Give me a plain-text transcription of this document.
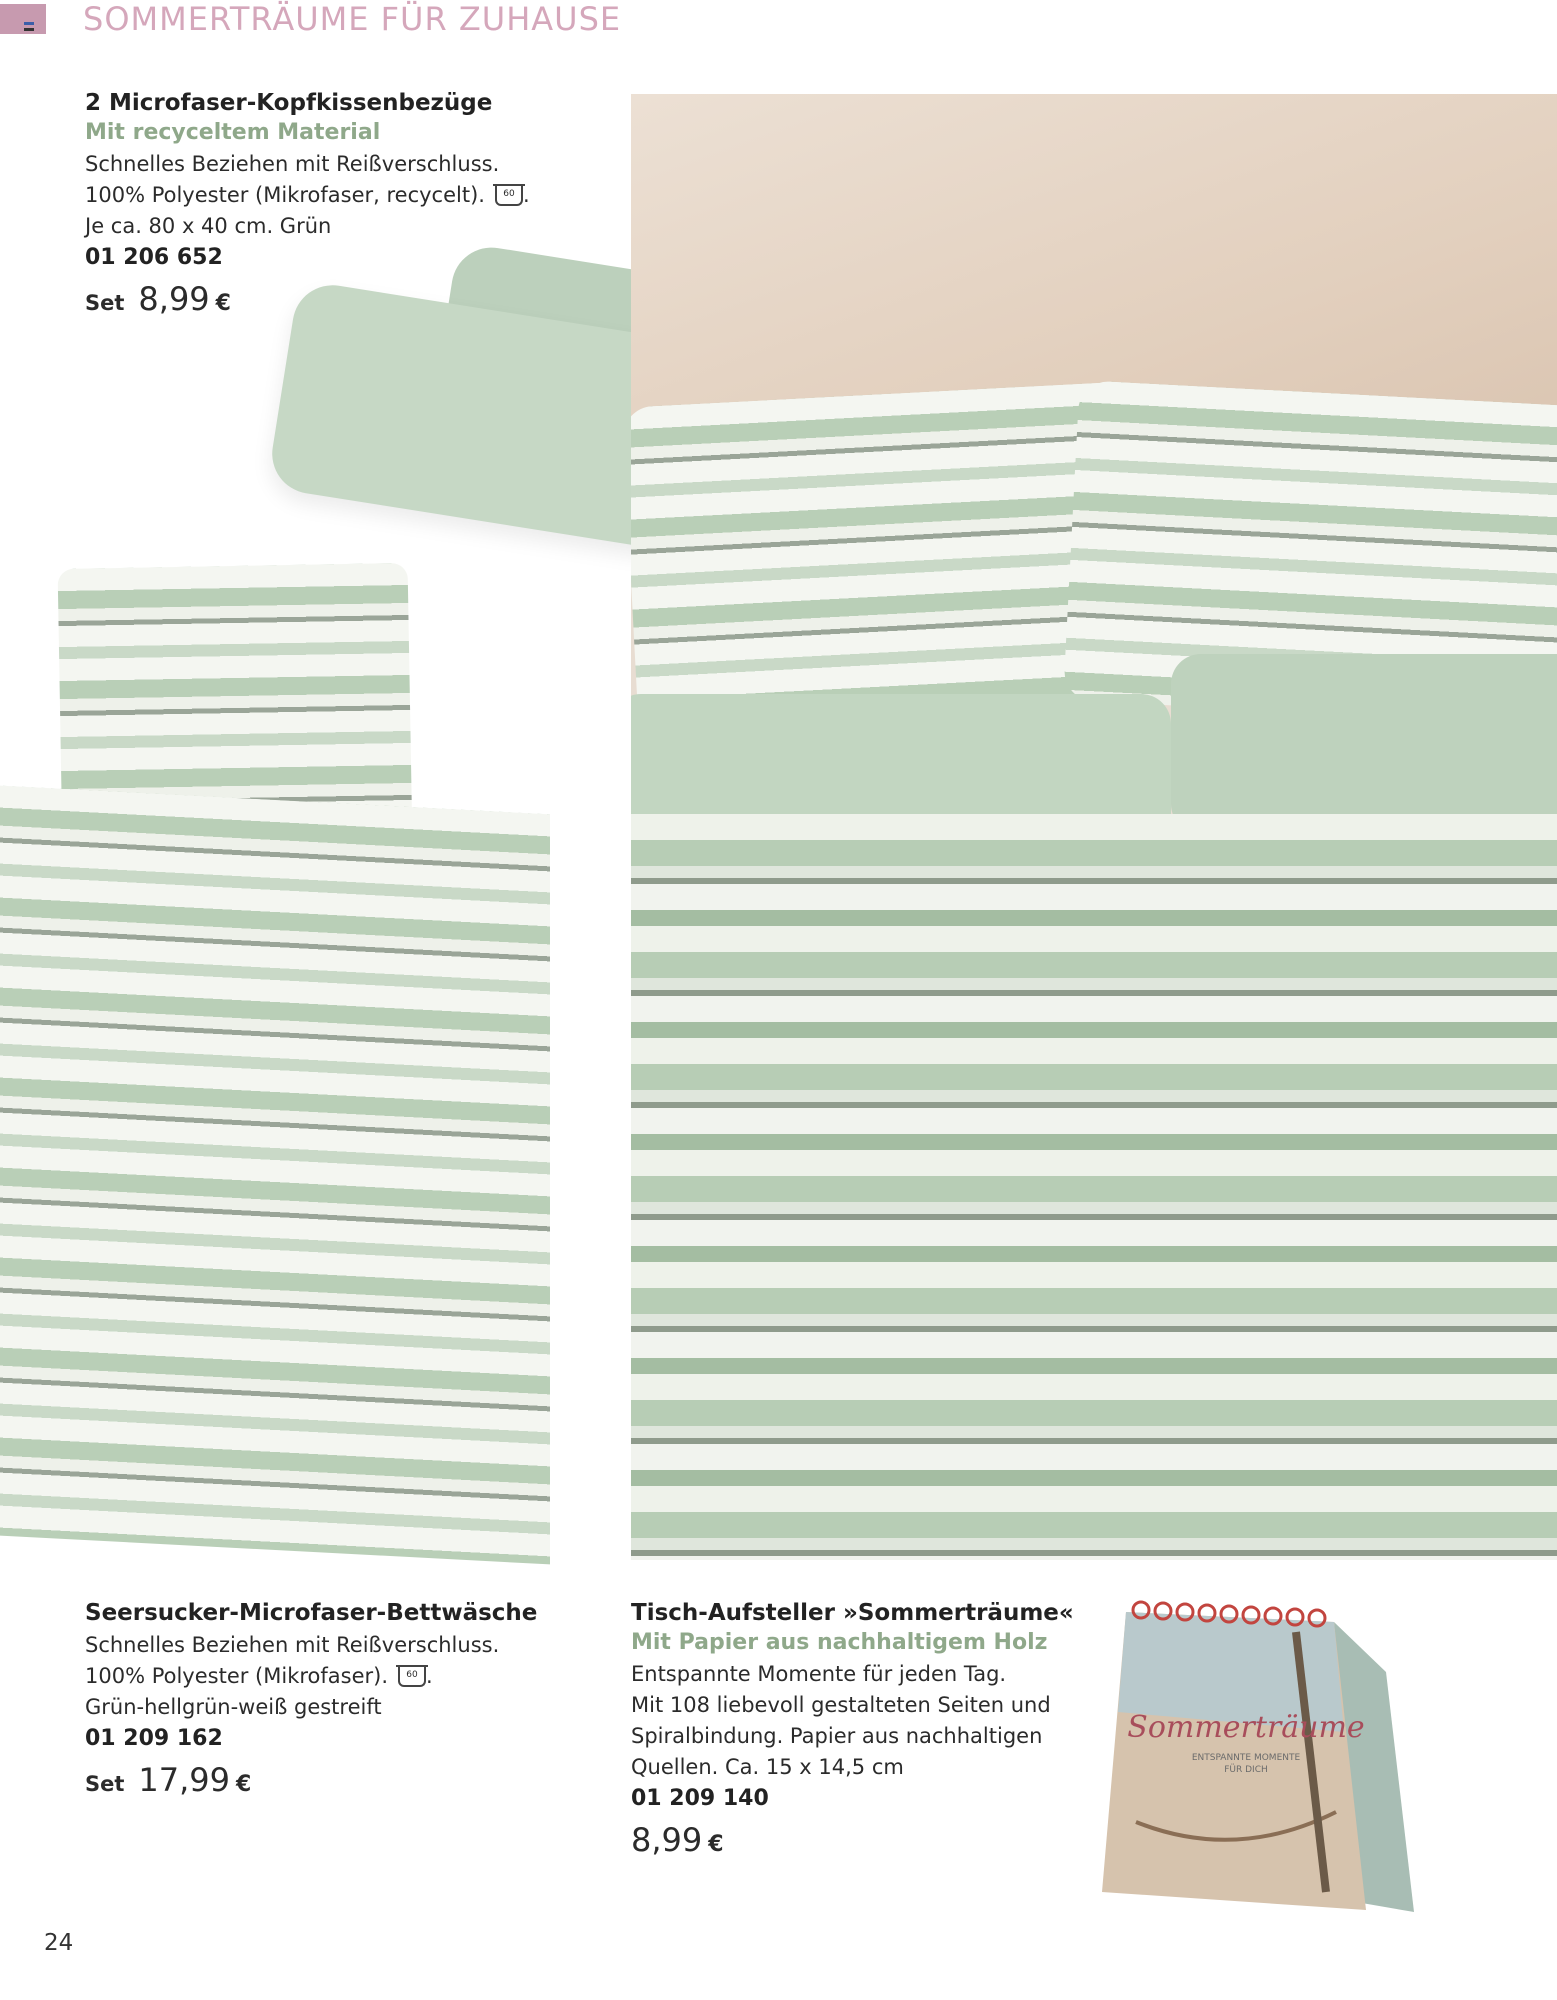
SOMMERTRÄUME FÜR ZUHAUSE
2 Microfaser-Kopfkissenbezüge
Mit recyceltem Material
Schnelles Beziehen mit Reißverschluss.
100% Polyester (Mikrofaser, recycelt). 60 .
Je ca. 80 x 40 cm. Grün
01 206 652
Set 8,99 €
Seersucker-Microfaser-Bettwäsche
Schnelles Beziehen mit Reißverschluss.
100% Polyester (Mikrofaser). 60 .
Grün-hellgrün-weiß gestreift
01 209 162
Set 17,99 €
Tisch-Aufsteller »Sommerträume«
Mit Papier aus nachhaltigem Holz
Entspannte Momente für jeden Tag.
Mit 108 liebevoll gestalteten Seiten und
Spiralbindung. Papier aus nachhaltigen
Quellen. Ca. 15 x 14,5 cm
01 209 140
8,99 €
Sommerträume
ENTSPANNTE MOMENTE
FÜR DICH
24
